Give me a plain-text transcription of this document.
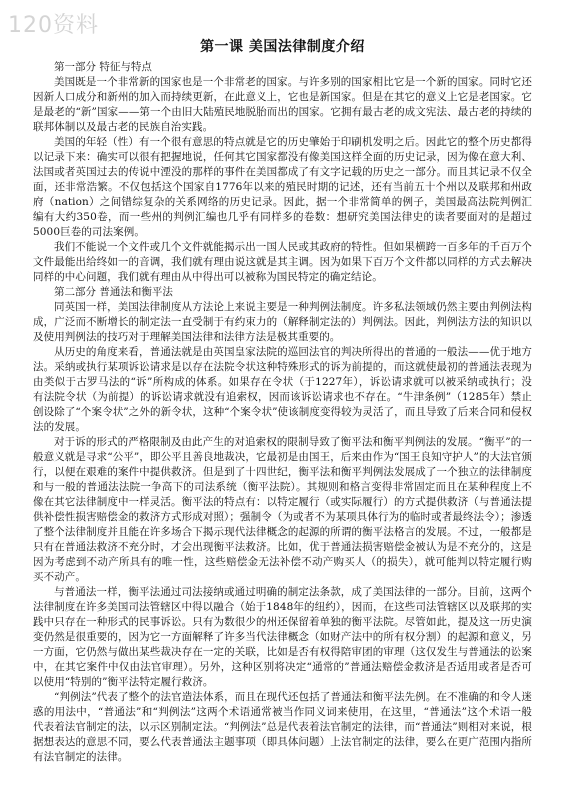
120资料
第一课 美国法律制度介绍
第一部分 特征与特点

美国既是一个非常新的国家也是一个非常老的国家。与许多别的国家相比它是一个新的国家。同时它还因新人口成分和新州的加入而持续更新，在此意义上，它也是新国家。但是在其它的意义上它是老国家。它是最老的“新”国家——第一个由旧大陆殖民地脱胎而出的国家。它拥有最古老的成文宪法、最古老的持续的联邦体制以及最古老的民族自治实践。

美国的年轻（性）有一个很有意思的特点就是它的历史肇始于印刷机发明之后。因此它的整个历史都得以记录下来：确实可以很有把握地说，任何其它国家都没有像美国这样全面的历史记录，因为像在意大利、法国或者英国过去的传说中湮没的那样的事件在美国都成了有文字记载的历史之一部分。而且其记录不仅全面，还非常浩繁。不仅包括这个国家自1776年以来的殖民时期的记述，还有当前五十个州以及联邦和州政府（nation）之间错综复杂的关系网络的历史记录。因此，据一个非常简单的例子，美国最高法院判例汇编有大约350卷，而一些州的判例汇编也几乎有同样多的卷数：想研究美国法律史的读者要面对的是超过5000巨卷的司法案例。

我们不能说一个文件或几个文件就能揭示出一国人民或其政府的特性。但如果横跨一百多年的千百万个文件最能出给终如一的音调，我们就有理由说这就是其主调。因为如果下百万个文件都以同样的方式去解决同样的中心问题，我们就有理由从中得出可以被称为国民特定的确定结论。

第二部分 普通法和衡平法

同英国一样，美国法律制度从方法论上来说主要是一种判例法制度。许多私法领域仍然主要由判例法构成，广泛而不断增长的制定法一直受制于有约束力的（解释制定法的）判例法。因此，判例法方法的知识以及使用判例法的技巧对于理解美国法律和法律方法是极其重要的。

从历史的角度来看，普通法就是由英国皇家法院的巡回法官的判决所得出的普通的一般法——优于地方法。采纳或执行某项诉讼请求是以存在法院令状这种特殊形式的诉为前提的，而这就使最初的普通法表现为由类似于古罗马法的“诉”所构成的体系。如果存在令状（于1227年），诉讼请求就可以被采纳或执行；没有法院令状（为前提）的诉讼请求就没有追索权，因而该诉讼请求也不存在。“牛津条例”（1285年）禁止创设除了“个案令状”之外的新令状，这种“个案令状”使该制度变得较为灵活了，而且导致了后来合同和侵权法的发展。

对于诉的形式的严格限制及由此产生的对追索权的限制导致了衡平法和衡平判例法的发展。“衡平”的一般意义就是寻求“公平”，即公平且善良地裁决，它最初是由国王，后来由作为“国王良知守护人”的大法官颁行，以便在艰难的案件中提供救济。但是到了十四世纪，衡平法和衡平判例法发展成了一个独立的法律制度和与一般的普通法法院一争高下的司法系统（衡平法院）。其规则和格言变得非常固定而且在某种程度上不像在其它法律制度中一样灵活。衡平法的特点有：以特定履行（或实际履行）的方式提供救济（与普通法提供补偿性损害赔偿金的救济方式形成对照）；强制令（为或者不为某项具体行为的临时或者最终法令）；渗透了整个法律制度并且能在许多场合下揭示现代法律概念的起源的所谓的衡平法格言的发展。不过，一般都是只有在普通法救济不充分时，才会出现衡平法救济。比如，优于普通法损害赔偿金被认为是不充分的，这是因为考虑到不动产所具有的唯一性，这些赔偿金无法补偿不动产购买人（的损失），就可能判以特定履行购买不动产。

与普通法一样，衡平法通过司法接纳或通过明确的制定法条款，成了美国法律的一部分。目前，这两个法律制度在许多美国司法管辖区中得以融合（始于1848年的纽约），因而，在这些司法管辖区以及联邦的实践中只存在一种形式的民事诉讼。只有为数很少的州还保留着单独的衡平法院。尽管如此，提及这一历史演变仍然是很重要的，因为它一方面解释了许多当代法律概念（如财产法中的所有权分割）的起源和意义，另一方面，它仍然与做出某些裁决存在一定的关联，比如是否有权得陪审团的审理（这仅发生与普通法的讼案中，在其它案件中仅由法官审理）。另外，这种区别将决定“通常的”普通法赔偿金救济是否适用或者是否可以使用“特别的”衡平法特定履行救济。

“判例法”代表了整个的法官造法体系，而且在现代还包括了普通法和衡平法先例。在不准确的和令人迷惑的用法中，“普通法”和“判例法”这两个术语通常被当作同义词来使用，在这里，“普通法”这个术语一般代表着法官制定的法，以示区别制定法。“判例法”总是代表着法官制定的法律，而“普通法”则相对来说，根据想表达的意思不同，要么代表普通法主题事项（即具体问题）上法官制定的法律，要么在更广范围内指所有法官制定的法律。
